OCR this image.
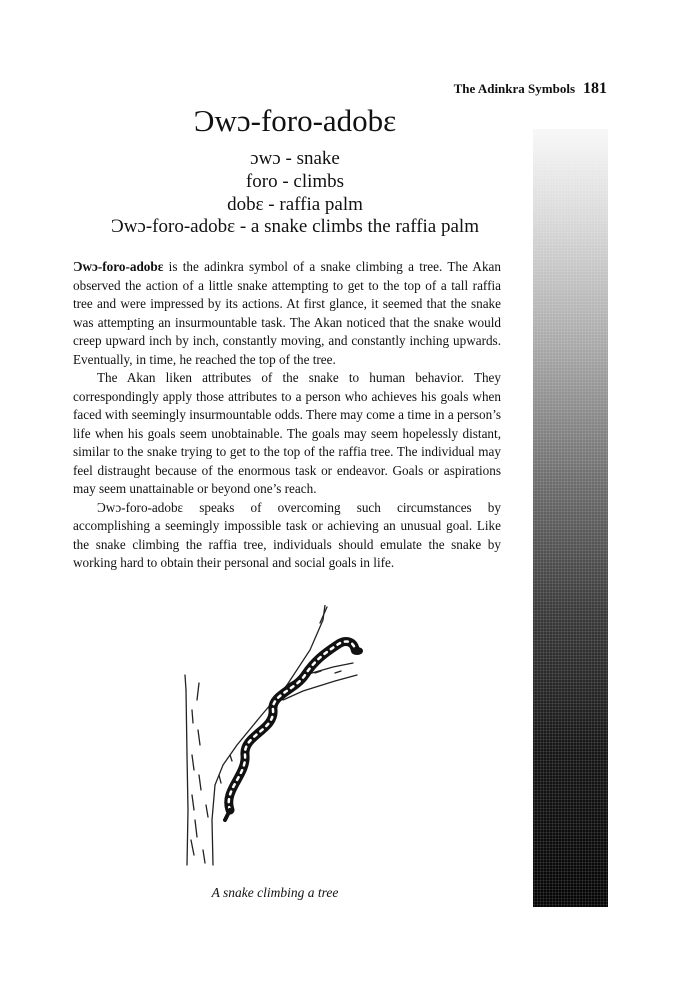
The Adinkra Symbols 181
Ɔwɔ-foro-adobɛ
ɔwɔ - snake
foro - climbs
dobɛ - raffia palm
Ɔwɔ-foro-adobɛ - a snake climbs the raffia palm

Ɔwɔ-foro-adobɛ is the adinkra symbol of a snake climbing a tree. The Akan observed the action of a little snake attempting to get to the top of a tall raffia tree and were impressed by its actions. At first glance, it seemed that the snake was attempting an insurmountable task. The Akan noticed that the snake would creep upward inch by inch, constantly moving, and constantly inching upwards. Eventually, in time, he reached the top of the tree.

The Akan liken attributes of the snake to human behavior. They correspondingly apply those attributes to a person who achieves his goals when faced with seemingly insurmountable odds. There may come a time in a person’s life when his goals seem unobtainable. The goals may seem hopelessly distant, similar to the snake trying to get to the top of the raffia tree. The individual may feel distraught because of the enormous task or endeavor. Goals or aspirations may seem unattainable or beyond one’s reach.

Ɔwɔ-foro-adobɛ speaks of overcoming such circumstances by accomplishing a seemingly impossible task or achieving an unusual goal. Like the snake climbing the raffia tree, individuals should emulate the snake by working hard to obtain their personal and social goals in life.

A snake climbing a tree
